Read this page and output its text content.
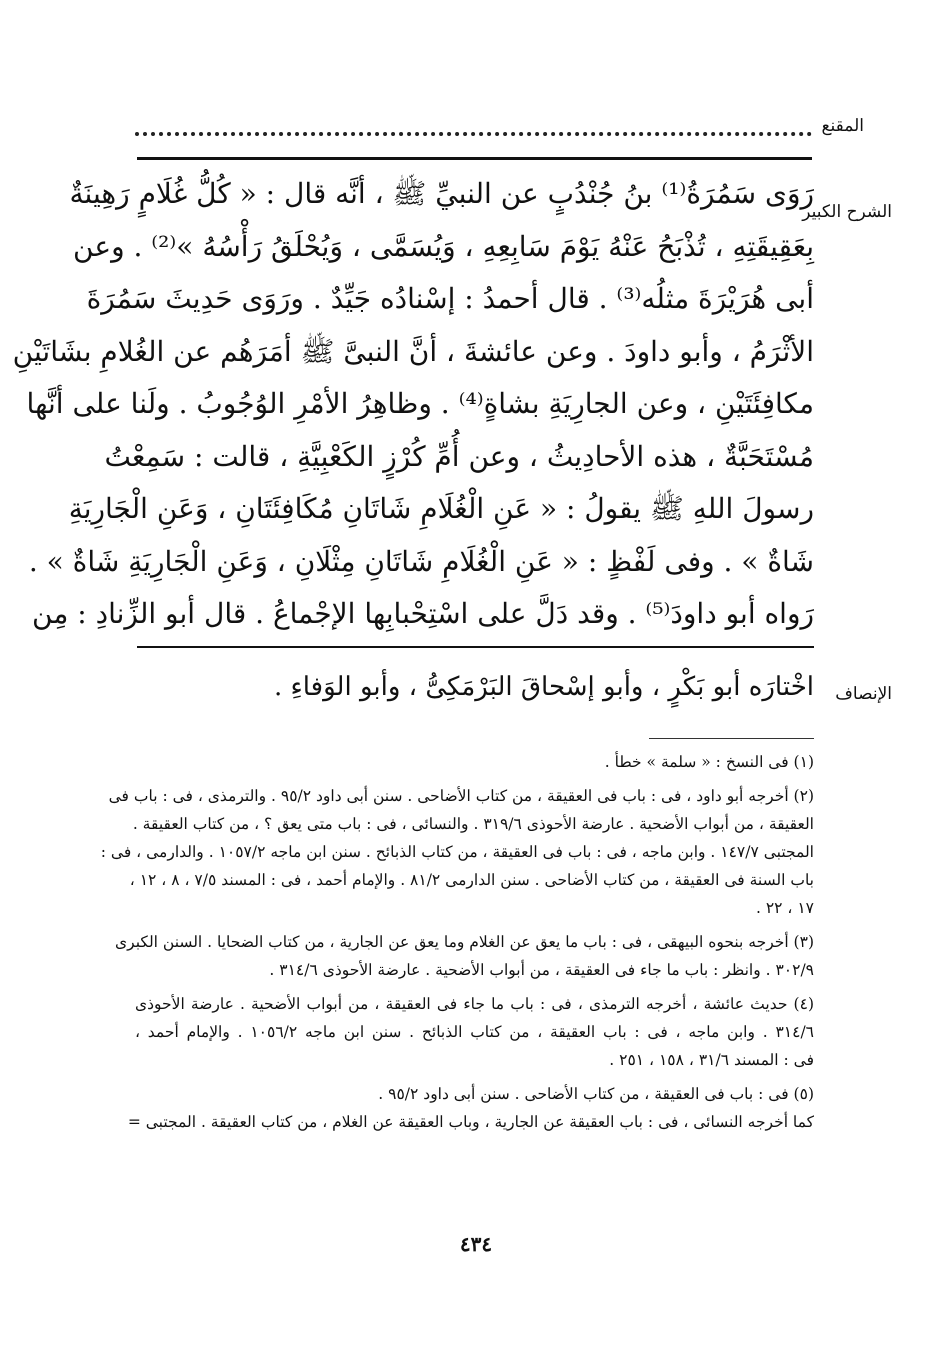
المقنع
الشرح الكبير
رَوَى سَمُرَةُ⁽¹⁾ بنُ جُنْدُبٍ عن النبيِّ ﷺ ، أنَّه قال : « كُلُّ غُلَامٍ رَهِينَةٌ
بِعَقِيقَتِهِ ، تُذْبَحُ عَنْهُ يَوْمَ سَابِعِهِ ، وَيُسَمَّى ، وَيُحْلَقُ رَأْسُهُ »⁽²⁾ . وعن
أبى هُرَيْرَةَ مثلُه⁽³⁾ . قال أحمدُ : إسْنادُه جَيِّدٌ . ورَوَى حَدِيثَ سَمُرَةَ
الأثْرَمُ ، وأبو داودَ . وعن عائشةَ ، أنَّ النبىَّ ﷺ أمَرَهُم عن الغُلامِ بشَاتَيْنِ
مكافِئَتَيْنِ ، وعن الجارِيَةِ بشاةٍ⁽⁴⁾ . وظاهِرُ الأمْرِ الوُجُوبُ . ولَنا على أنَّها
مُسْتَحَبَّةٌ ، هذه الأحادِيثُ ، وعن أُمِّ كُرْزٍ الكَعْبِيَّةِ ، قالت : سَمِعْتُ
رسولَ اللهِ ﷺ يقولُ : « عَنِ الْغُلَامِ شَاتَانِ مُكَافِئَتَانِ ، وَعَنِ الْجَارِيَةِ
شَاةٌ » . وفى لَفْظٍ : « عَنِ الْغُلَامِ شَاتَانِ مِثْلَانِ ، وَعَنِ الْجَارِيَةِ شَاةٌ » .
رَواه أبو داودَ⁽⁵⁾ . وقد دَلَّ على اسْتِحْبابِها الإجْماعُ . قال أبو الزِّنادِ : مِن
الإنصاف
اخْتارَه أبو بَكْرٍ ، وأبو إسْحاقَ البَرْمَكِىُّ ، وأبو الوَفاءِ .
(١) فى النسخ : « سلمة » خطأ .
(٢) أخرجه أبو داود ، فى : باب فى العقيقة ، من كتاب الأضاحى . سنن أبى داود ٩٥/٢ . والترمذى ، فى : باب فى
العقيقة ، من أبواب الأضحية . عارضة الأحوذى ٣١٩/٦ . والنسائى ، فى : باب متى يعق ؟ ، من كتاب العقيقة .
المجتبى ١٤٧/٧ . وابن ماجه ، فى : باب فى العقيقة ، من كتاب الذبائح . سنن ابن ماجه ١٠٥٧/٢ . والدارمى ، فى :
باب السنة فى العقيقة ، من كتاب الأضاحى . سنن الدارمى ٨١/٢ . والإمام أحمد ، فى : المسند ٧/٥ ، ٨ ، ١٢ ،
١٧ ، ٢٢ .
(٣) أخرجه بنحوه البيهقى ، فى : باب ما يعق عن الغلام وما يعق عن الجارية ، من كتاب الضحايا . السنن الكبرى
٣٠٢/٩ . وانظر : باب ما جاء فى العقيقة ، من أبواب الأضحية . عارضة الأحوذى ٣١٤/٦ .
(٤) حديث عائشة ، أخرجه الترمذى ، فى : باب ما جاء فى العقيقة ، من أبواب الأضحية . عارضة الأحوذى
٣١٤/٦ . وابن ماجه ، فى : باب العقيقة ، من كتاب الذبائح . سنن ابن ماجه ١٠٥٦/٢ . والإمام أحمد ،
فى : المسند ٣١/٦ ، ١٥٨ ، ٢٥١ .
(٥) فى : باب فى العقيقة ، من كتاب الأضاحى . سنن أبى داود ٩٥/٢ .
كما أخرجه النسائى ، فى : باب العقيقة عن الجارية ، وباب العقيقة عن الغلام ، من كتاب العقيقة . المجتبى =
٤٣٤
